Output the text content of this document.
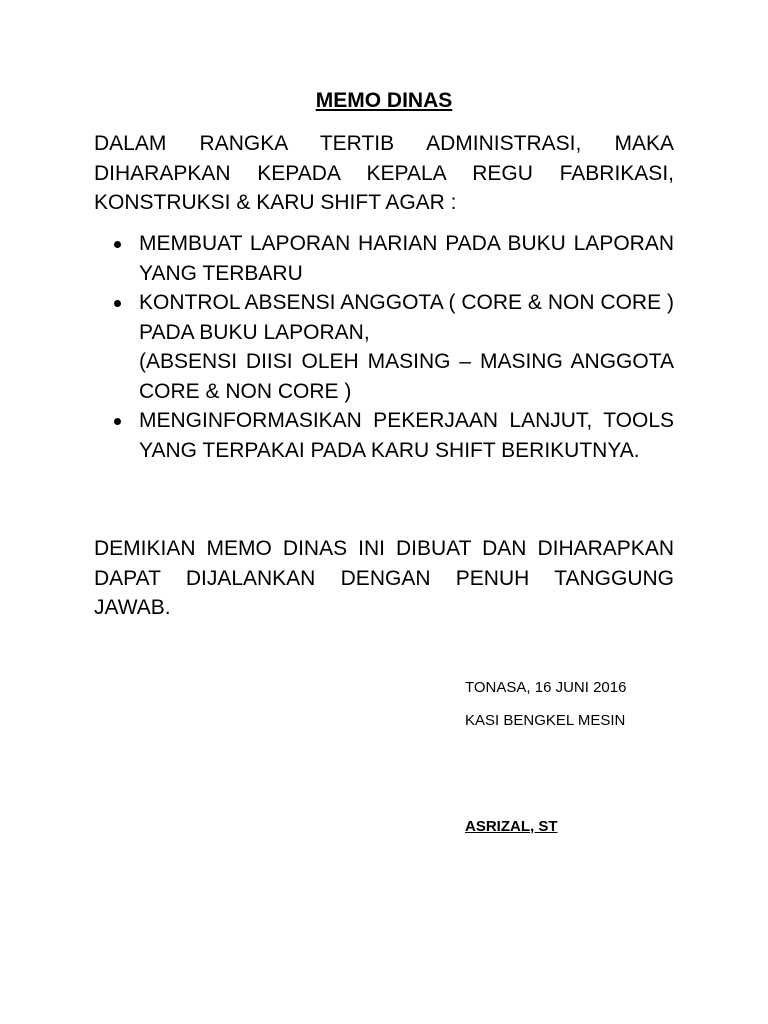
MEMO DINAS
DALAM RANGKA TERTIB ADMINISTRASI, MAKA DIHARAPKAN KEPADA KEPALA REGU FABRIKASI, KONSTRUKSI & KARU SHIFT AGAR :
MEMBUAT LAPORAN HARIAN PADA BUKU LAPORAN YANG TERBARU
KONTROL ABSENSI ANGGOTA ( CORE & NON CORE ) PADA BUKU LAPORAN,
(ABSENSI DIISI OLEH MASING – MASING ANGGOTA CORE & NON CORE )
MENGINFORMASIKAN PEKERJAAN LANJUT, TOOLS YANG TERPAKAI PADA KARU SHIFT BERIKUTNYA.
DEMIKIAN MEMO DINAS INI DIBUAT DAN DIHARAPKAN DAPAT DIJALANKAN DENGAN PENUH TANGGUNG JAWAB.
TONASA, 16 JUNI 2016
KASI BENGKEL MESIN
ASRIZAL, ST
